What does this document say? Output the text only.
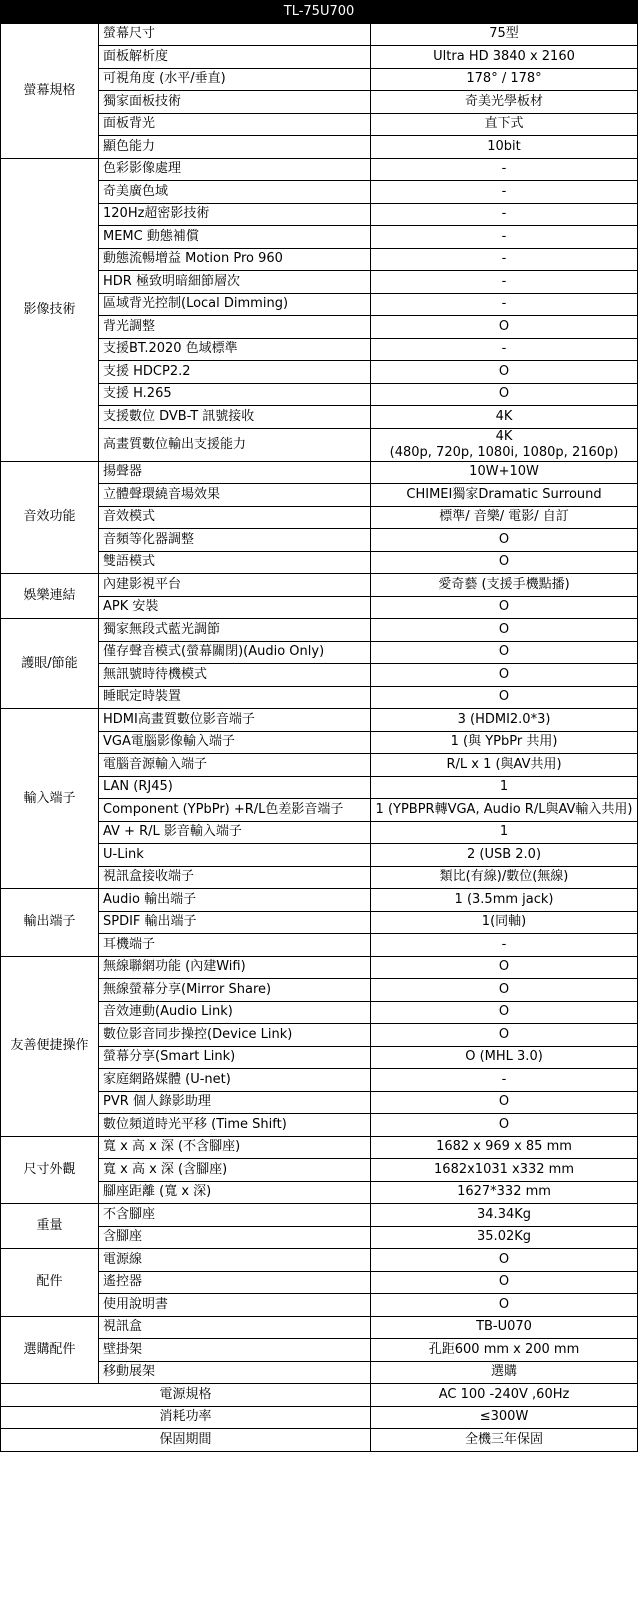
TL-75U700		
螢幕規格	螢幕尺寸	75型
	面板解析度	Ultra HD 3840 x 2160
	可視角度 (水平/垂直)	178° / 178°
	獨家面板技術	奇美光學板材
	面板背光	直下式
	顯色能力	10bit
影像技術	色彩影像處理	-
	奇美廣色域	-
	120Hz超密影技術	-
	MEMC 動態補償	-
	動態流暢增益 Motion Pro 960	-
	HDR 極致明暗細節層次	-
	區域背光控制(Local Dimming)	-
	背光調整	O
	支援BT.2020 色域標準	-
	支援 HDCP2.2	O
	支援 H.265	O
	支援數位 DVB-T 訊號接收	4K
	高畫質數位輸出支援能力	4K
(480p, 720p, 1080i, 1080p, 2160p)
音效功能	揚聲器	10W+10W
	立體聲環繞音場效果	CHIMEI獨家Dramatic Surround
	音效模式	標準/ 音樂/ 電影/ 自訂
	音頻等化器調整	O
	雙語模式	O
娛樂連結	內建影視平台	愛奇藝 (支援手機點播)
	APK 安裝	O
護眼/節能	獨家無段式藍光調節	O
	僅存聲音模式(螢幕關閉)(Audio Only)	O
	無訊號時待機模式	O
	睡眠定時裝置	O
輸入端子	HDMI高畫質數位影音端子	3 (HDMI2.0*3)
	VGA電腦影像輸入端子	1 (與 YPbPr 共用)
	電腦音源輸入端子	R/L x 1 (與AV共用)
	LAN (RJ45)	1
	Component (YPbPr) +R/L色差影音端子	1 (YPBPR轉VGA, Audio R/L與AV輸入共用)
	AV + R/L 影音輸入端子	1
	U-Link	2 (USB 2.0)
	視訊盒接收端子	類比(有線)/數位(無線)
輸出端子	Audio 輸出端子	1 (3.5mm jack)
	SPDIF 輸出端子	1(同軸)
	耳機端子	-
友善便捷操作	無線聯網功能 (內建Wifi)	O
	無線螢幕分享(Mirror Share)	O
	音效連動(Audio Link)	O
	數位影音同步操控(Device Link)	O
	螢幕分享(Smart Link)	O (MHL 3.0)
	家庭網路媒體 (U-net)	-
	PVR 個人錄影助理	O
	數位頻道時光平移 (Time Shift)	O
尺寸外觀	寬 x 高 x 深 (不含腳座)	1682 x 969 x 85 mm
	寬 x 高 x 深 (含腳座)	1682x1031 x332 mm
	腳座距離 (寬 x 深)	1627*332 mm
重量	不含腳座	34.34Kg
	含腳座	35.02Kg
配件	電源線	O
	遙控器	O
	使用說明書	O
選購配件	視訊盒	TB-U070
	壁掛架	孔距600 mm x 200 mm
	移動展架	選購
電源規格		AC 100 -240V ,60Hz
消耗功率		≤300W
保固期間		全機三年保固
